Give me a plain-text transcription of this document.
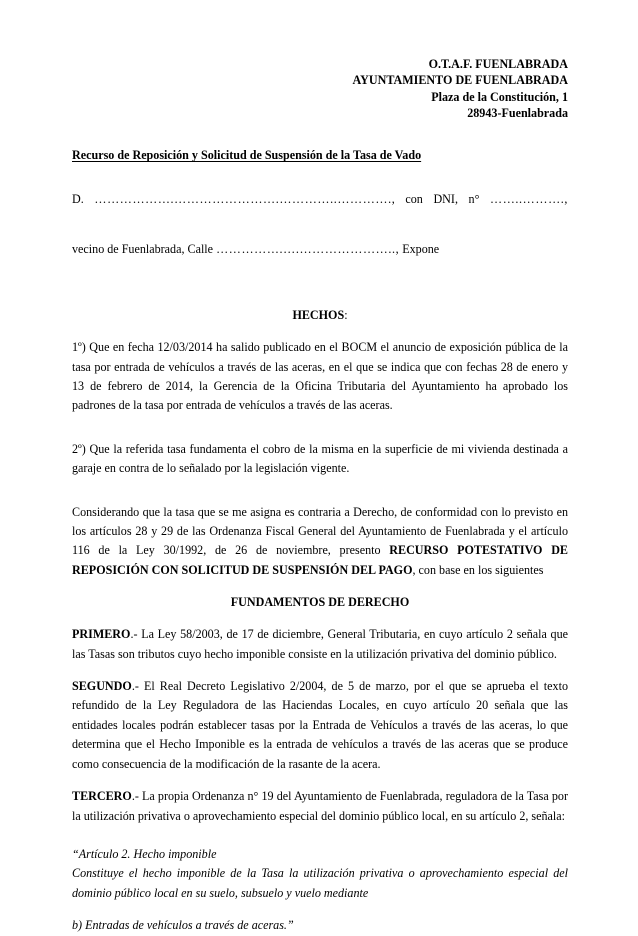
O.T.A.F. FUENLABRADA
AYUNTAMIENTO DE FUENLABRADA
Plaza de la Constitución, 1
28943-Fuenlabrada
Recurso de Reposición y Solicitud de Suspensión de la Tasa de Vado

D. ……………….…………………….…………..…………., con DNI, n° ……..……….,

vecino de Fuenlabrada, Calle …………….….………………….., Expone

HECHOS:

1º) Que en fecha 12/03/2014 ha salido publicado en el BOCM el anuncio de exposición pública de la tasa por entrada de vehículos a través de las aceras, en el que se indica que con fechas 28 de enero y 13 de febrero de 2014, la Gerencia de la Oficina Tributaria del Ayuntamiento ha aprobado los padrones de la tasa por entrada de vehículos a través de las aceras.

2º) Que la referida tasa fundamenta el cobro de la misma en la superficie de mi vivienda destinada a garaje en contra de lo señalado por la legislación vigente.

Considerando que la tasa que se me asigna es contraria a Derecho, de conformidad con lo previsto en los artículos 28 y 29 de las Ordenanza Fiscal General del Ayuntamiento de Fuenlabrada y el artículo 116 de la Ley 30/1992, de 26 de noviembre, presento RECURSO POTESTATIVO DE REPOSICIÓN CON SOLICITUD DE SUSPENSIÓN DEL PAGO, con base en los siguientes

FUNDAMENTOS DE DERECHO

PRIMERO.- La Ley 58/2003, de 17 de diciembre, General Tributaria, en cuyo artículo 2 señala que las Tasas son tributos cuyo hecho imponible consiste en la utilización privativa del dominio público.

SEGUNDO.- El Real Decreto Legislativo 2/2004, de 5 de marzo, por el que se aprueba el texto refundido de la Ley Reguladora de las Haciendas Locales, en cuyo artículo 20 señala que las entidades locales podrán establecer tasas por la Entrada de Vehículos a través de las aceras, lo que determina que el Hecho Imponible es la entrada de vehículos a través de las aceras que se produce como consecuencia de la modificación de la rasante de la acera.

TERCERO.- La propia Ordenanza n° 19 del Ayuntamiento de Fuenlabrada, reguladora de la Tasa por la utilización privativa o aprovechamiento especial del dominio público local, en su artículo 2, señala:

“Artículo 2. Hecho imponible

Constituye el hecho imponible de la Tasa la utilización privativa o aprovechamiento especial del dominio público local en su suelo, subsuelo y vuelo mediante

b) Entradas de vehículos a través de aceras.”
